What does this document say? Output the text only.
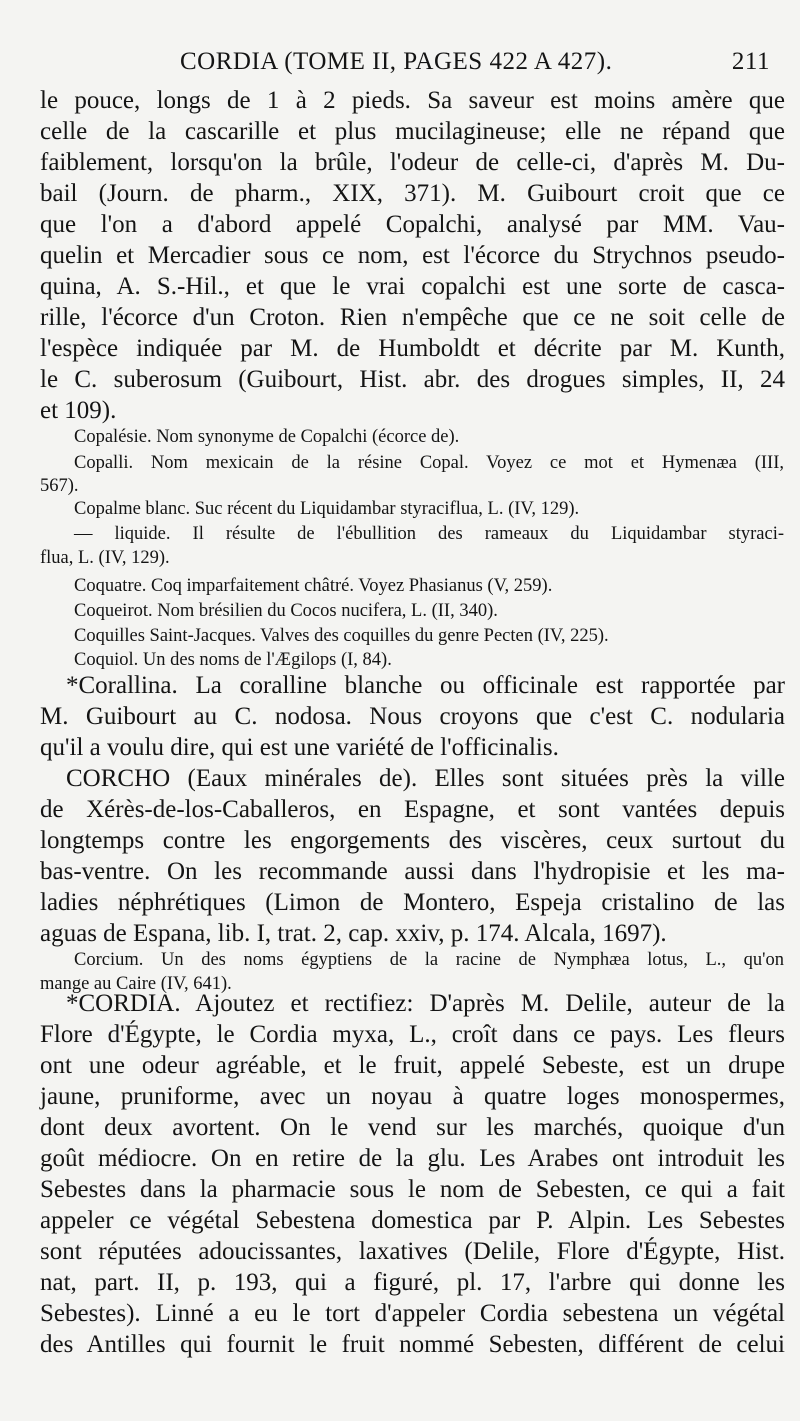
CORDIA (TOME II, PAGES 422 A 427).	211
le pouce, longs de 1 à 2 pieds. Sa saveur est moins amère que
celle de la cascarille et plus mucilagineuse; elle ne répand que
faiblement, lorsqu'on la brûle, l'odeur de celle-ci, d'après M. Du-
bail (Journ. de pharm., XIX, 371). M. Guibourt croit que ce
que l'on a d'abord appelé Copalchi, analysé par MM. Vau-
quelin et Mercadier sous ce nom, est l'écorce du Strychnos pseudo-
quina, A. S.-Hil., et que le vrai copalchi est une sorte de casca-
rille, l'écorce d'un Croton. Rien n'empêche que ce ne soit celle de
l'espèce indiquée par M. de Humboldt et décrite par M. Kunth,
le C. suberosum (Guibourt, Hist. abr. des drogues simples, II, 24
et 109).
Copalésie. Nom synonyme de Copalchi (écorce de).
Copalli. Nom mexicain de la résine Copal. Voyez ce mot et Hymenæa (III,
567).
Copalme blanc. Suc récent du Liquidambar styraciflua, L. (IV, 129).
— liquide. Il résulte de l'ébullition des rameaux du Liquidambar styraci-
flua, L. (IV, 129).
Coquatre. Coq imparfaitement châtré. Voyez Phasianus (V, 259).
Coqueirot. Nom brésilien du Cocos nucifera, L. (II, 340).
Coquilles Saint-Jacques. Valves des coquilles du genre Pecten (IV, 225).
Coquiol. Un des noms de l'Ægilops (I, 84).
*Corallina. La coralline blanche ou officinale est rapportée par
M. Guibourt au C. nodosa. Nous croyons que c'est C. nodularia
qu'il a voulu dire, qui est une variété de l'officinalis.
CORCHO (Eaux minérales de). Elles sont situées près la ville
de Xérès-de-los-Caballeros, en Espagne, et sont vantées depuis
longtemps contre les engorgements des viscères, ceux surtout du
bas-ventre. On les recommande aussi dans l'hydropisie et les ma-
ladies néphrétiques (Limon de Montero, Espeja cristalino de las
aguas de Espana, lib. I, trat. 2, cap. xxiv, p. 174. Alcala, 1697).
Corcium. Un des noms égyptiens de la racine de Nymphæa lotus, L., qu'on
mange au Caire (IV, 641).
*CORDIA. Ajoutez et rectifiez: D'après M. Delile, auteur de la
Flore d'Égypte, le Cordia myxa, L., croît dans ce pays. Les fleurs
ont une odeur agréable, et le fruit, appelé Sebeste, est un drupe
jaune, pruniforme, avec un noyau à quatre loges monospermes,
dont deux avortent. On le vend sur les marchés, quoique d'un
goût médiocre. On en retire de la glu. Les Arabes ont introduit les
Sebestes dans la pharmacie sous le nom de Sebesten, ce qui a fait
appeler ce végétal Sebestena domestica par P. Alpin. Les Sebestes
sont réputées adoucissantes, laxatives (Delile, Flore d'Égypte, Hist.
nat, part. II, p. 193, qui a figuré, pl. 17, l'arbre qui donne les
Sebestes). Linné a eu le tort d'appeler Cordia sebestena un végétal
des Antilles qui fournit le fruit nommé Sebesten, différent de celui
